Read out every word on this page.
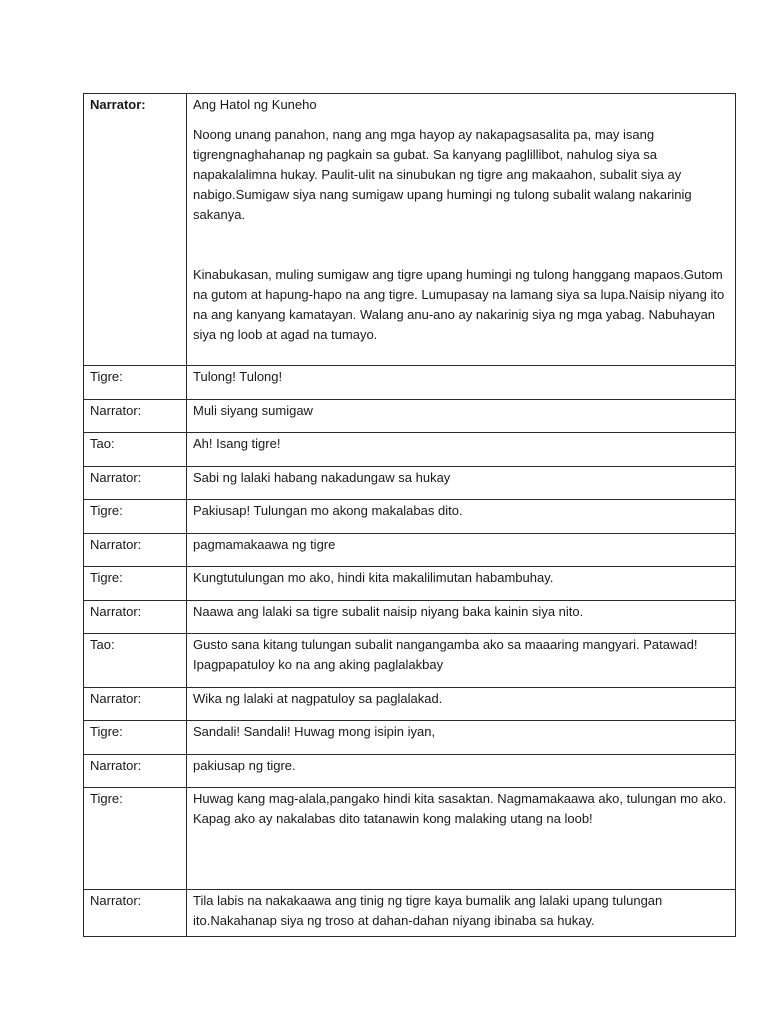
Narrator:	Ang Hatol ng Kuneho

Noong unang panahon, nang ang mga hayop ay nakapagsasalita pa, may isang tigrengnaghahanap ng pagkain sa gubat. Sa kanyang paglillibot, nahulog siya sa napakalalimna hukay. Paulit-ulit na sinubukan ng tigre ang makaahon, subalit siya ay nabigo.Sumigaw siya nang sumigaw upang humingi ng tulong subalit walang nakarinig sakanya.

Kinabukasan, muling sumigaw ang tigre upang humingi ng tulong hanggang mapaos.Gutom na gutom at hapung-hapo na ang tigre. Lumupasay na lamang siya sa lupa.Naisip niyang ito na ang kanyang kamatayan. Walang anu-ano ay nakarinig siya ng mga yabag. Nabuhayan siya ng loob at agad na tumayo.

Tigre:	Tulong! Tulong!
Narrator:	Muli siyang sumigaw
Tao:	Ah! Isang tigre!
Narrator:	Sabi ng lalaki habang nakadungaw sa hukay
Tigre:	Pakiusap! Tulungan mo akong makalabas dito.
Narrator:	pagmamakaawa ng tigre
Tigre:	Kungtutulungan mo ako, hindi kita makalilimutan habambuhay.
Narrator:	Naawa ang lalaki sa tigre subalit naisip niyang baka kainin siya nito.
Tao:	Gusto sana kitang tulungan subalit nangangamba ako sa maaaring mangyari. Patawad! Ipagpapatuloy ko na ang aking paglalakbay
Narrator:	Wika ng lalaki at nagpatuloy sa paglalakad.
Tigre:	Sandali! Sandali! Huwag mong isipin iyan,
Narrator:	pakiusap ng tigre.
Tigre:	Huwag kang mag-alala,pangako hindi kita sasaktan. Nagmamakaawa ako, tulungan mo ako. Kapag ako ay nakalabas dito tatanawin kong malaking utang na loob!
Narrator:	Tila labis na nakakaawa ang tinig ng tigre kaya bumalik ang lalaki upang tulungan ito.Nakahanap siya ng troso at dahan-dahan niyang ibinaba sa hukay.
